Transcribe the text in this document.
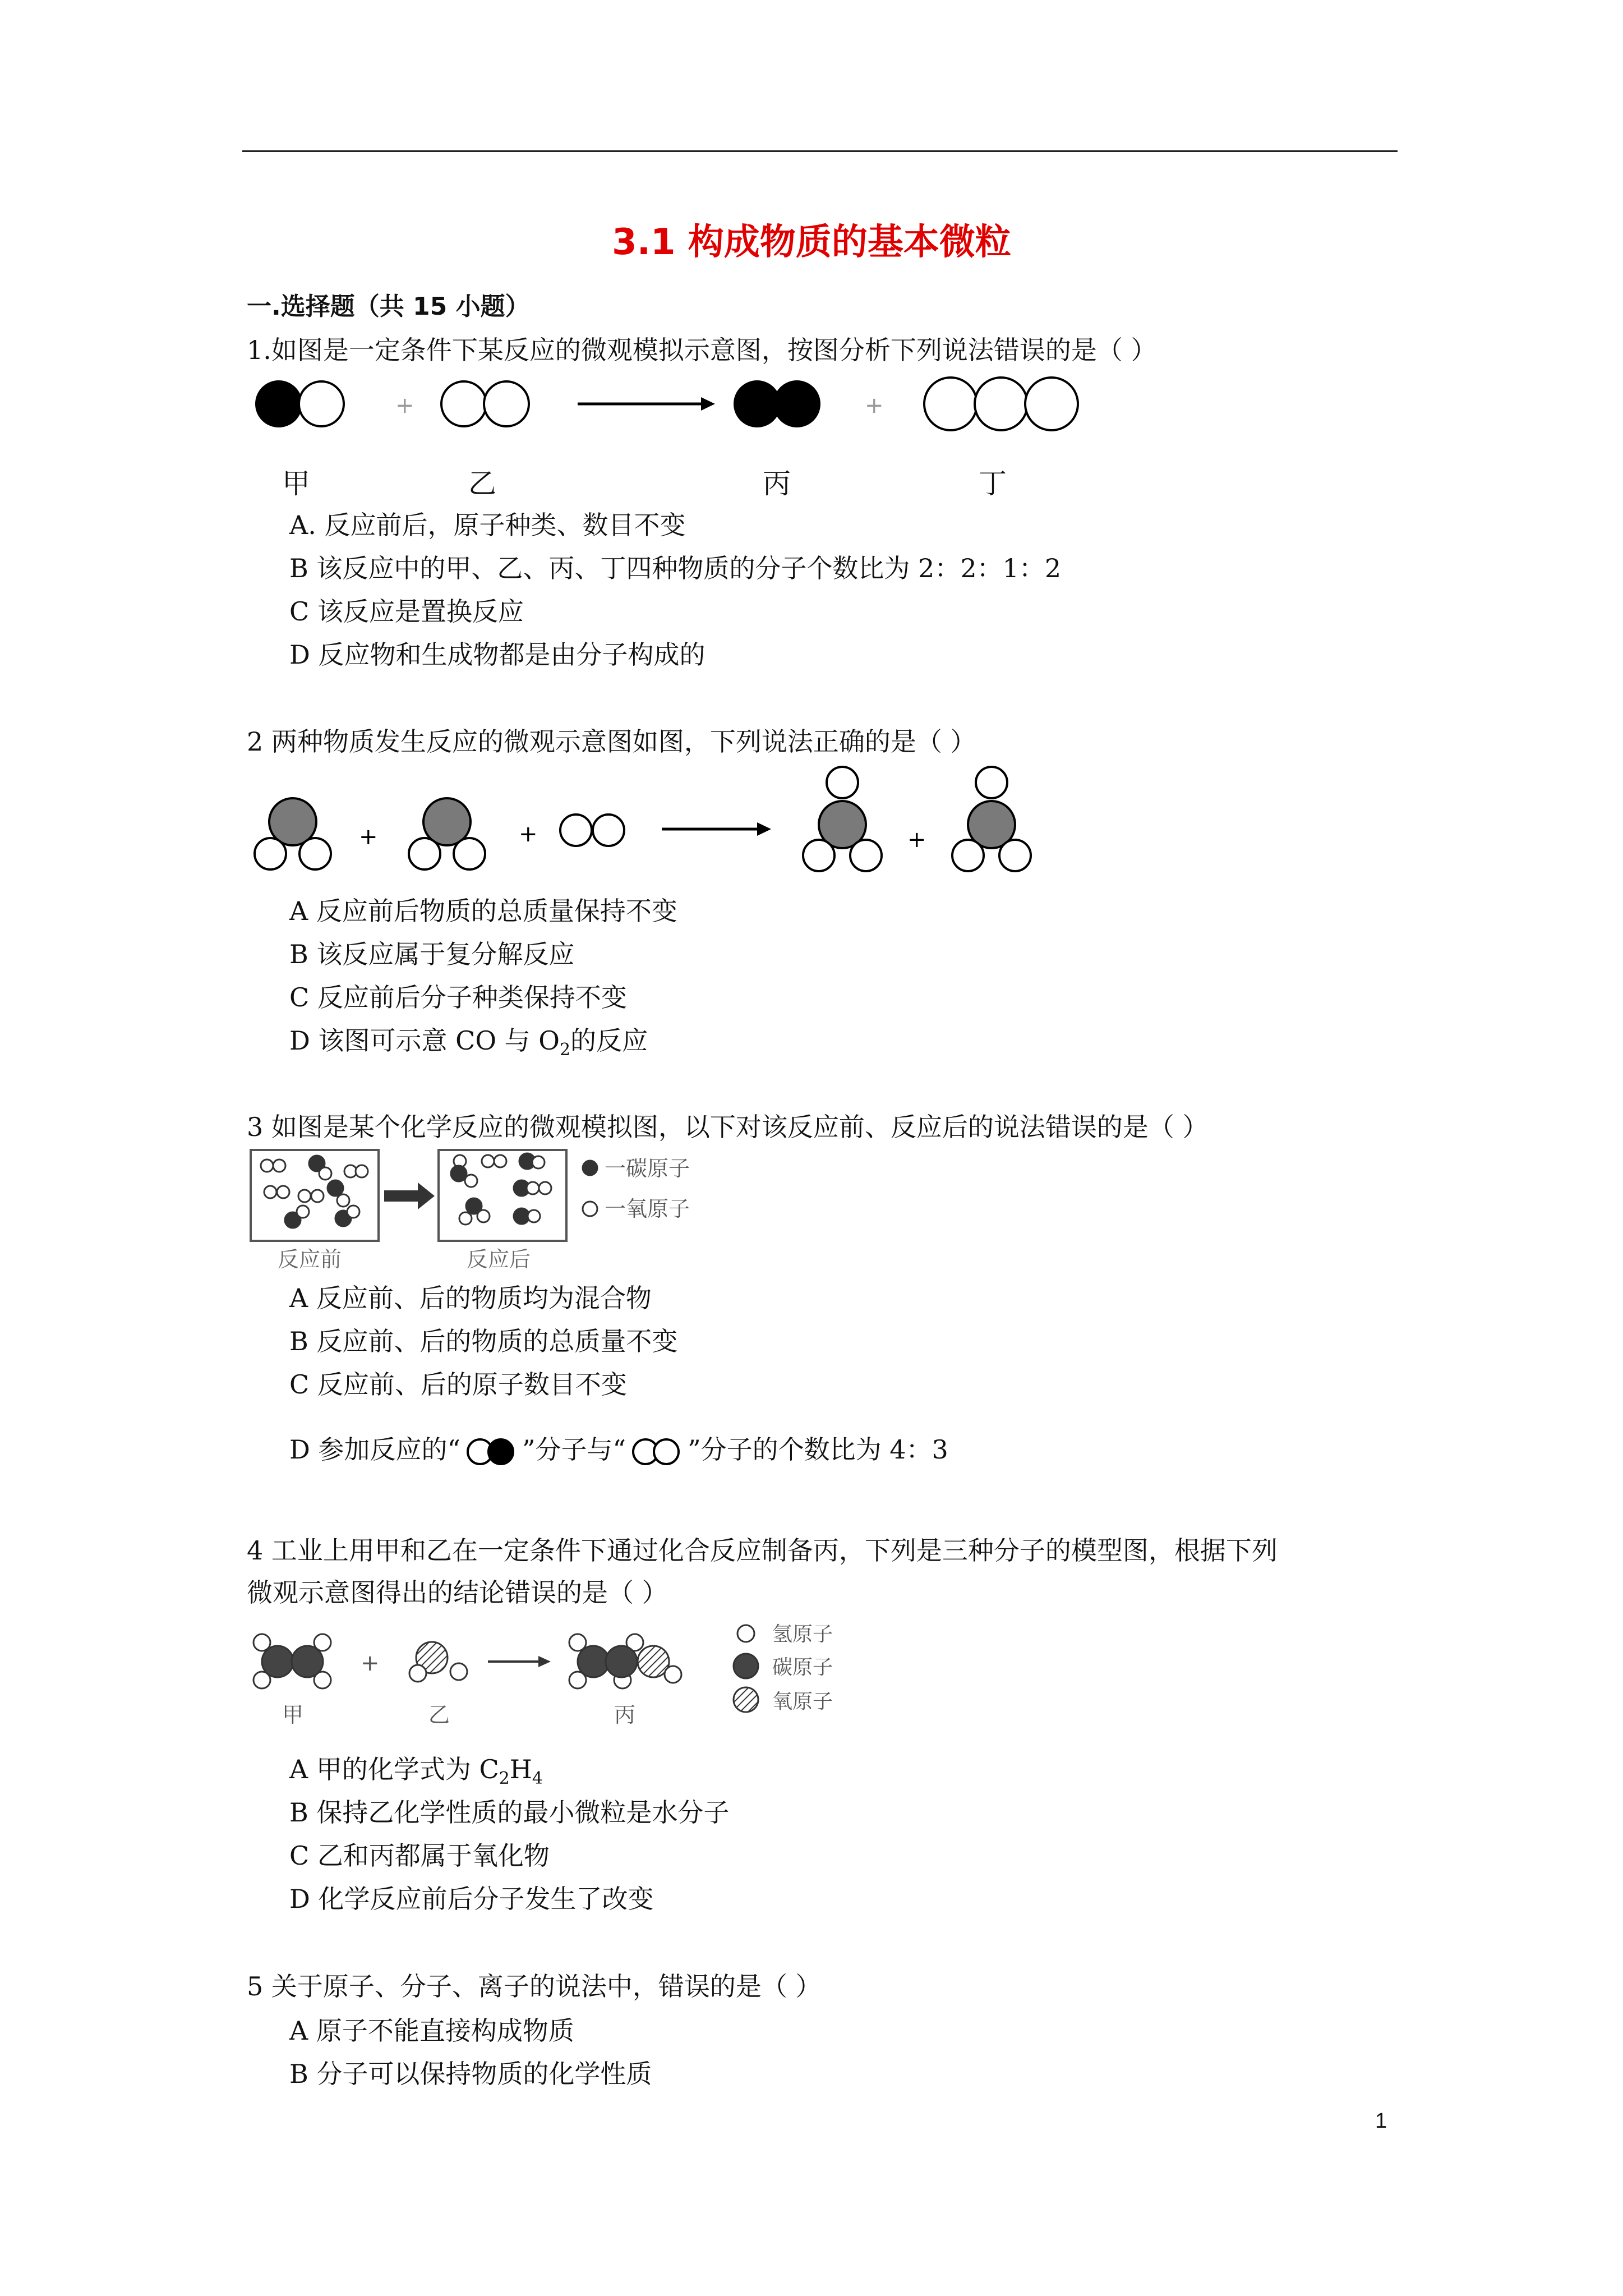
3.1 构成物质的基本微粒
一.选择题（共 15 小题）
1.如图是一定条件下某反应的微观模拟示意图，按图分析下列说法错误的是（ ）
+	+
甲	乙	丙	丁
A. 反应前后，原子种类、数目不变
B 该反应中的甲、乙、丙、丁四种物质的分子个数比为 2：2：1：2
C 该反应是置换反应
D 反应物和生成物都是由分子构成的
2 两种物质发生反应的微观示意图如图，下列说法正确的是（ ）
+	+	+
A 反应前后物质的总质量保持不变
B 该反应属于复分解反应
C 反应前后分子种类保持不变
D 该图可示意 CO 与 $O_2$的反应
3 如图是某个化学反应的微观模拟图，以下对该反应前、反应后的说法错误的是（ ）
一碳原子
一氧原子
反应前	反应后
A 反应前、后的物质均为混合物
B 反应前、后的物质的总质量不变
C 反应前、后的原子数目不变
D 参加反应的“ ”分子与“ ”分子的个数比为 4：3
4 工业上用甲和乙在一定条件下通过化合反应制备丙，下列是三种分子的模型图，根据下列
微观示意图得出的结论错误的是（ ）
+
氢原子
碳原子
氧原子
甲	乙	丙
A 甲的化学式为 $C_2H_4$
B 保持乙化学性质的最小微粒是水分子
C 乙和丙都属于氧化物
D 化学反应前后分子发生了改变
5 关于原子、分子、离子的说法中，错误的是（ ）
A 原子不能直接构成物质
B 分子可以保持物质的化学性质
1
